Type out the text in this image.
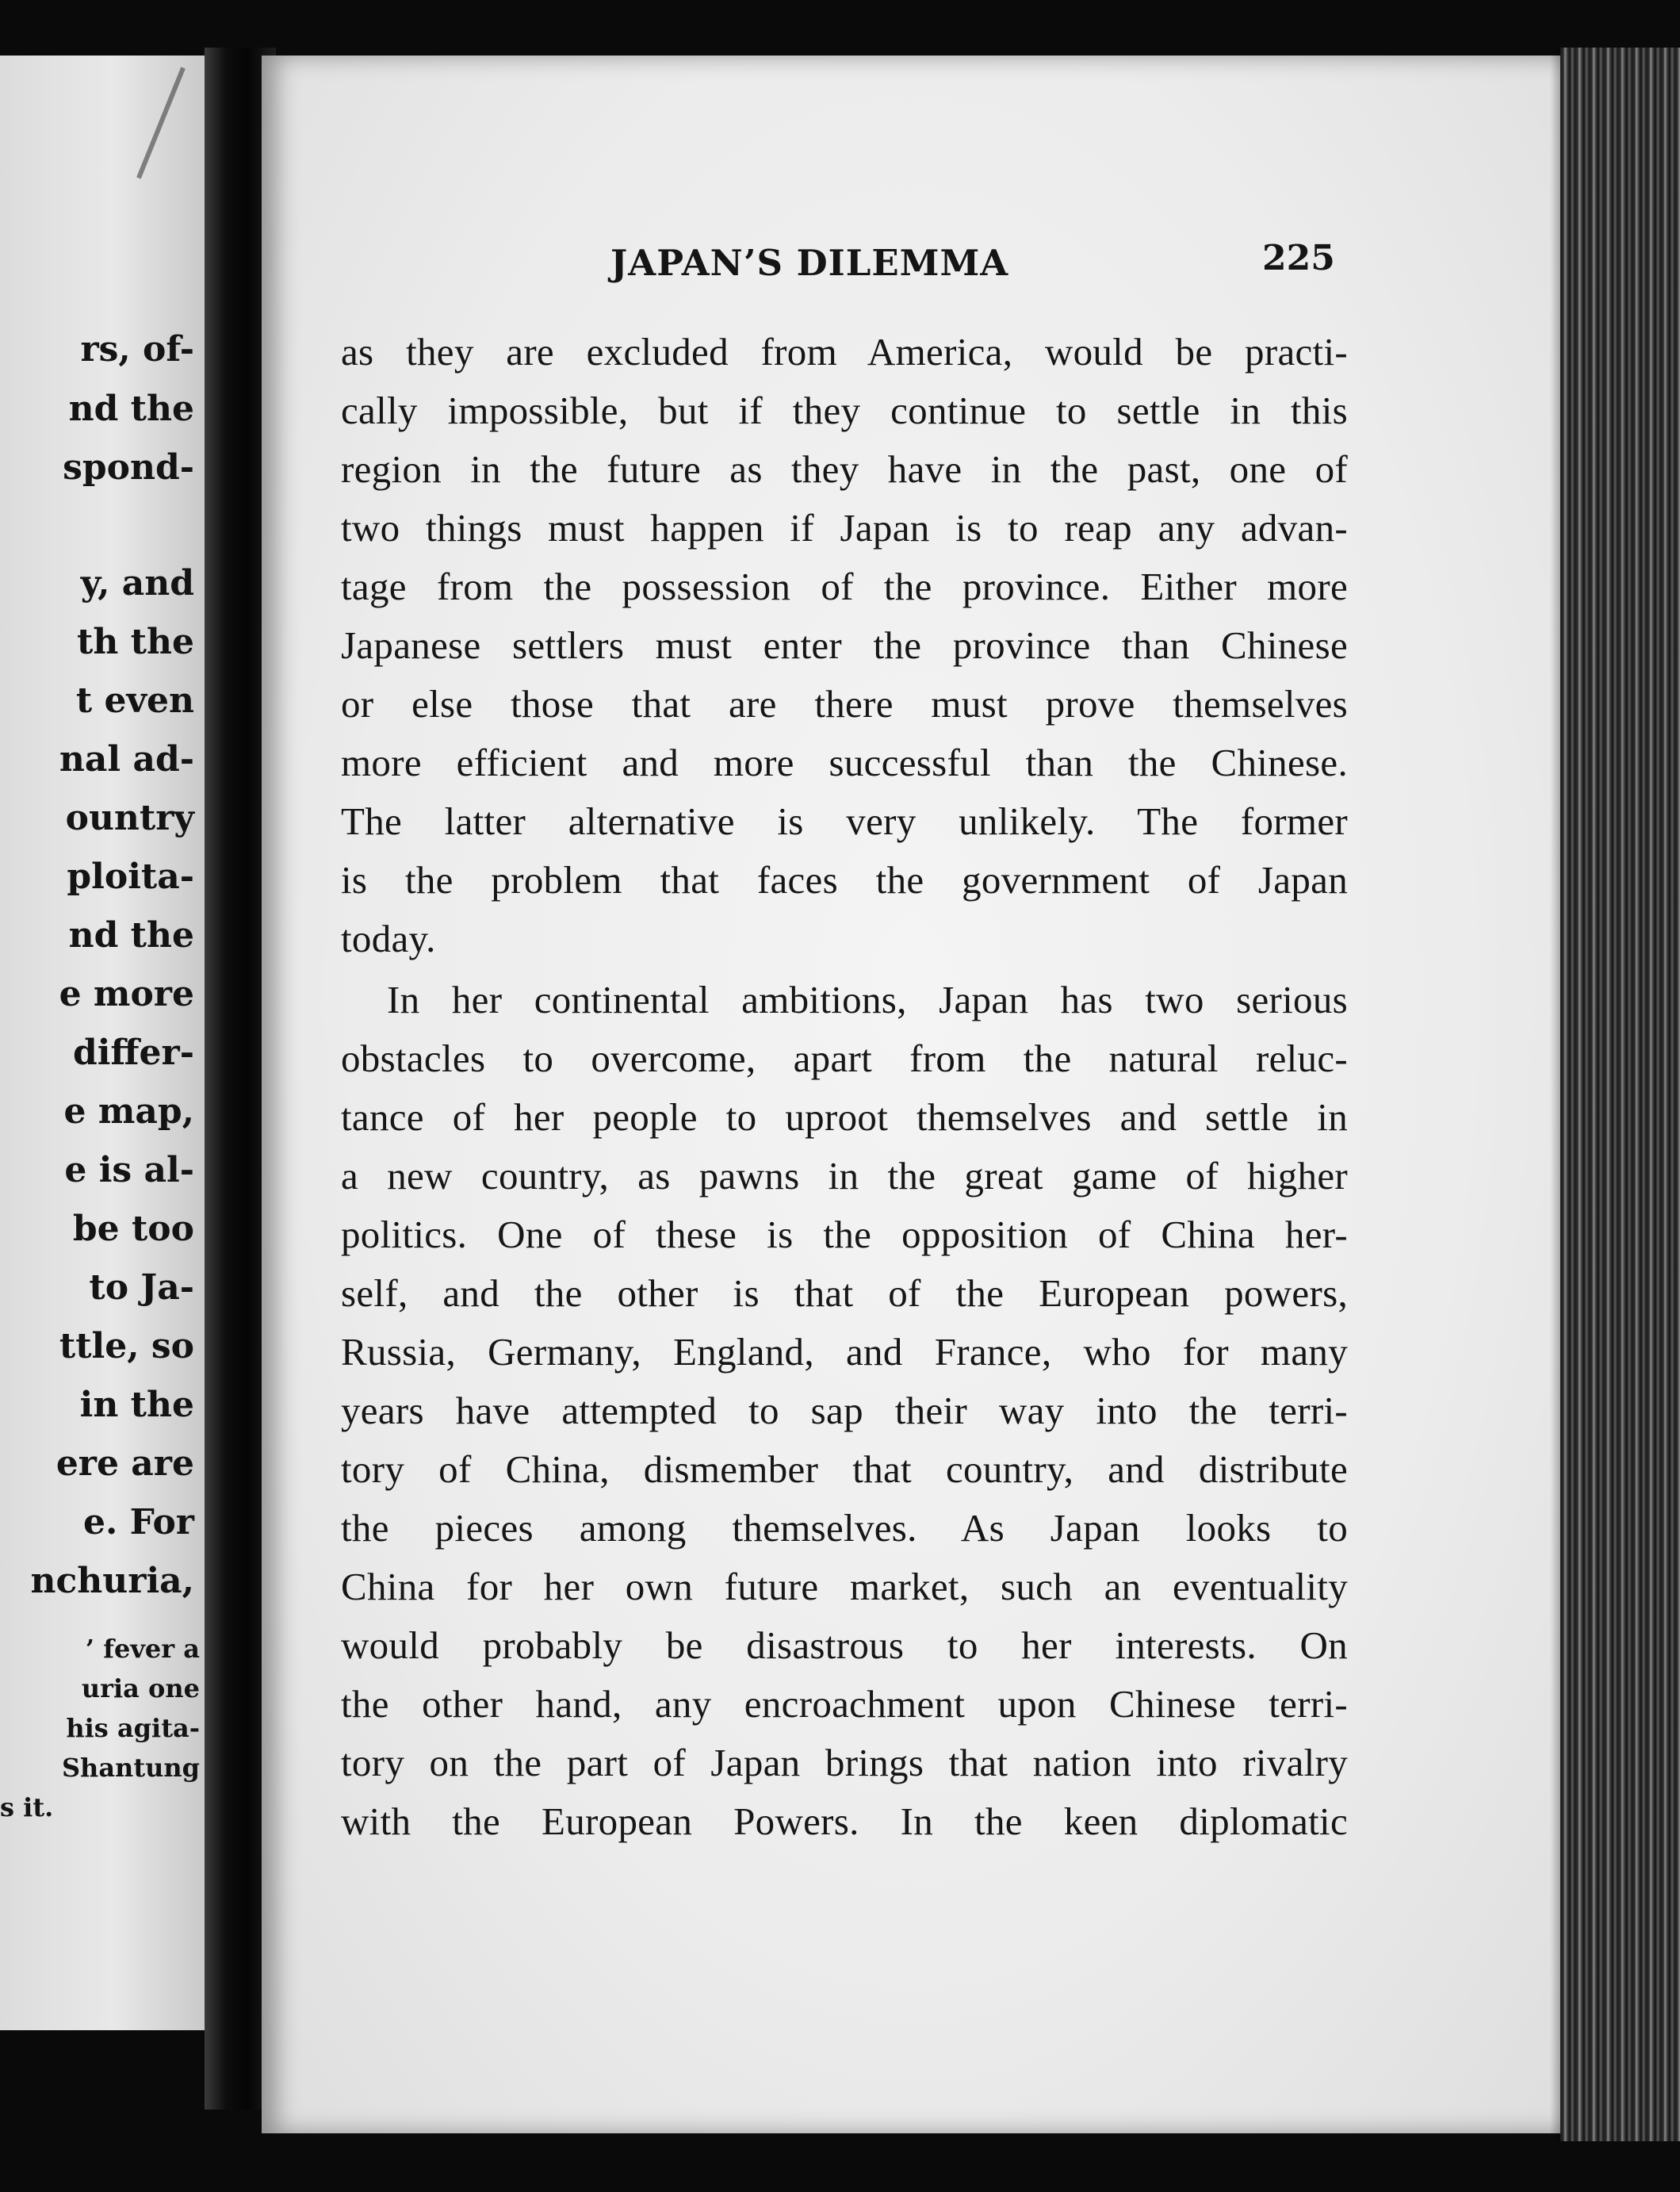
rs, of-
nd the
spond-
y, and
th the
t even
nal ad-
ountry
ploita-
nd the
e more
differ-
e map,
e is al-
be too
to Ja-
ttle, so
in the
ere are
e. For
nchuria,
’ fever a
uria one
his agita-
Shantung
s it.
JAPAN’S DILEMMA	225
as they are excluded from America, would be practi-
cally impossible, but if they continue to settle in this
region in the future as they have in the past, one of
two things must happen if Japan is to reap any advan-
tage from the possession of the province. Either more
Japanese settlers must enter the province than Chinese
or else those that are there must prove themselves
more efficient and more successful than the Chinese.
The latter alternative is very unlikely. The former
is the problem that faces the government of Japan
today.
In her continental ambitions, Japan has two serious
obstacles to overcome, apart from the natural reluc-
tance of her people to uproot themselves and settle in
a new country, as pawns in the great game of higher
politics. One of these is the opposition of China her-
self, and the other is that of the European powers,
Russia, Germany, England, and France, who for many
years have attempted to sap their way into the terri-
tory of China, dismember that country, and distribute
the pieces among themselves. As Japan looks to
China for her own future market, such an eventuality
would probably be disastrous to her interests. On
the other hand, any encroachment upon Chinese terri-
tory on the part of Japan brings that nation into rivalry
with the European Powers. In the keen diplomatic
